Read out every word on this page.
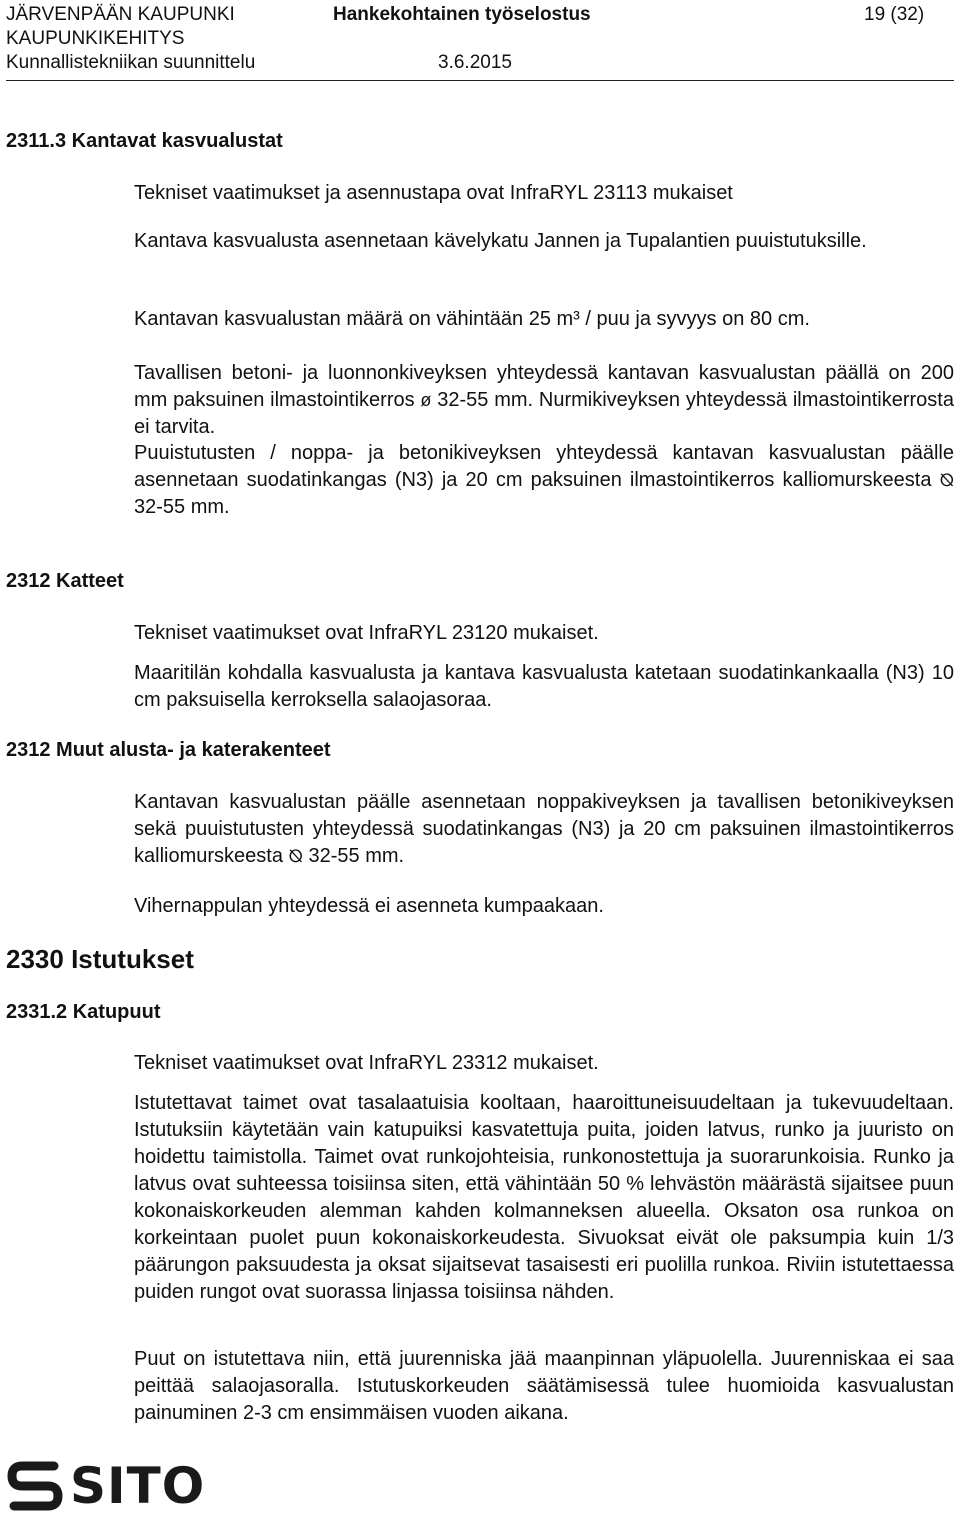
JÄRVENPÄÄN KAUPUNKI
KAUPUNKIKEHITYS
Kunnallistekniikan suunnittelu
Hankekohtainen työselostus
3.6.2015
19 (32)
2311.3 Kantavat kasvualustat

Tekniset vaatimukset ja asennustapa ovat InfraRYL 23113 mukaiset

Kantava kasvualusta asennetaan kävelykatu Jannen ja Tupalantien puuistutuksille.

Kantavan kasvualustan määrä on vähintään 25 m³ / puu ja syvyys on 80 cm.

Tavallisen betoni- ja luonnonkiveyksen yhteydessä kantavan kasvualustan päällä on 200 mm paksuinen ilmastointikerros ø 32-55 mm. Nurmikiveyksen yhteydessä ilmastointikerrosta ei tarvita.

Puuistutusten / noppa- ja betonikiveyksen yhteydessä kantavan kasvualustan päälle asennetaan suodatinkangas (N3) ja 20 cm paksuinen ilmastointikerros kalliomurskeesta ⦰ 32-55 mm.

2312 Katteet

Tekniset vaatimukset ovat InfraRYL 23120 mukaiset.

Maaritilän kohdalla kasvualusta ja kantava kasvualusta katetaan suodatinkankaalla (N3) 10 cm paksuisella kerroksella salaojasoraa.

2312 Muut alusta- ja katerakenteet

Kantavan kasvualustan päälle asennetaan noppakiveyksen ja tavallisen betonikiveyksen sekä puuistutusten yhteydessä suodatinkangas (N3) ja 20 cm paksuinen ilmastointikerros kalliomurskeesta ⦰ 32-55 mm.

Vihernappulan yhteydessä ei asenneta kumpaakaan.

2330 Istutukset
2331.2 Katupuut

Tekniset vaatimukset ovat InfraRYL 23312 mukaiset.

Istutettavat taimet ovat tasalaatuisia kooltaan, haaroittuneisuudeltaan ja tukevuudeltaan. Istutuksiin käytetään vain katupuiksi kasvatettuja puita, joiden latvus, runko ja juuristo on hoidettu taimistolla. Taimet ovat runkojohteisia, runkonostettuja ja suorarunkoisia. Runko ja latvus ovat suhteessa toisiinsa siten, että vähintään 50 % lehvästön määrästä sijaitsee puun kokonaiskorkeuden alemman kahden kolmanneksen alueella. Oksaton osa runkoa on korkeintaan puolet puun kokonaiskorkeudesta. Sivuoksat eivät ole paksumpia kuin 1/3 päärungon paksuudesta ja oksat sijaitsevat tasaisesti eri puolilla runkoa. Riviin istutettaessa puiden rungot ovat suorassa linjassa toisiinsa nähden.

Puut on istutettava niin, että juurenniska jää maanpinnan yläpuolella. Juurenniskaa ei saa peittää salaojasoralla. Istutuskorkeuden säätämisessä tulee huomioida kasvualustan painuminen 2-3 cm ensimmäisen vuoden aikana.

SITO
